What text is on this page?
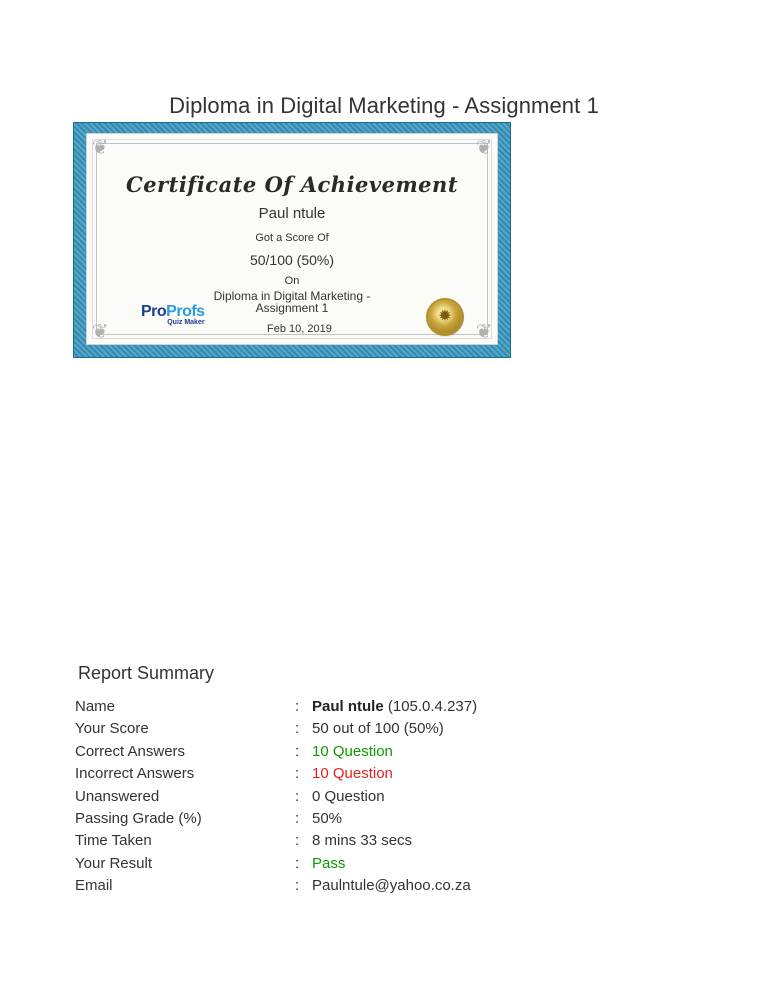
Diploma in Digital Marketing - Assignment 1
❦	❦
❦	❦
Certificate Of Achievement
Paul ntule
Got a Score Of
50/100 (50%)
On
Diploma in Digital Marketing -
Assignment 1
Feb 10, 2019
ProProfs
Quiz Maker	✹
Report Summary
Name	: Paul ntule (105.0.4.237)
Your Score	: 50 out of 100 (50%)
Correct Answers	: 10 Question
Incorrect Answers	: 10 Question
Unanswered	: 0 Question
Passing Grade (%)	: 50%
Time Taken	: 8 mins 33 secs
Your Result	: Pass
Email	: Paulntule@yahoo.co.za
